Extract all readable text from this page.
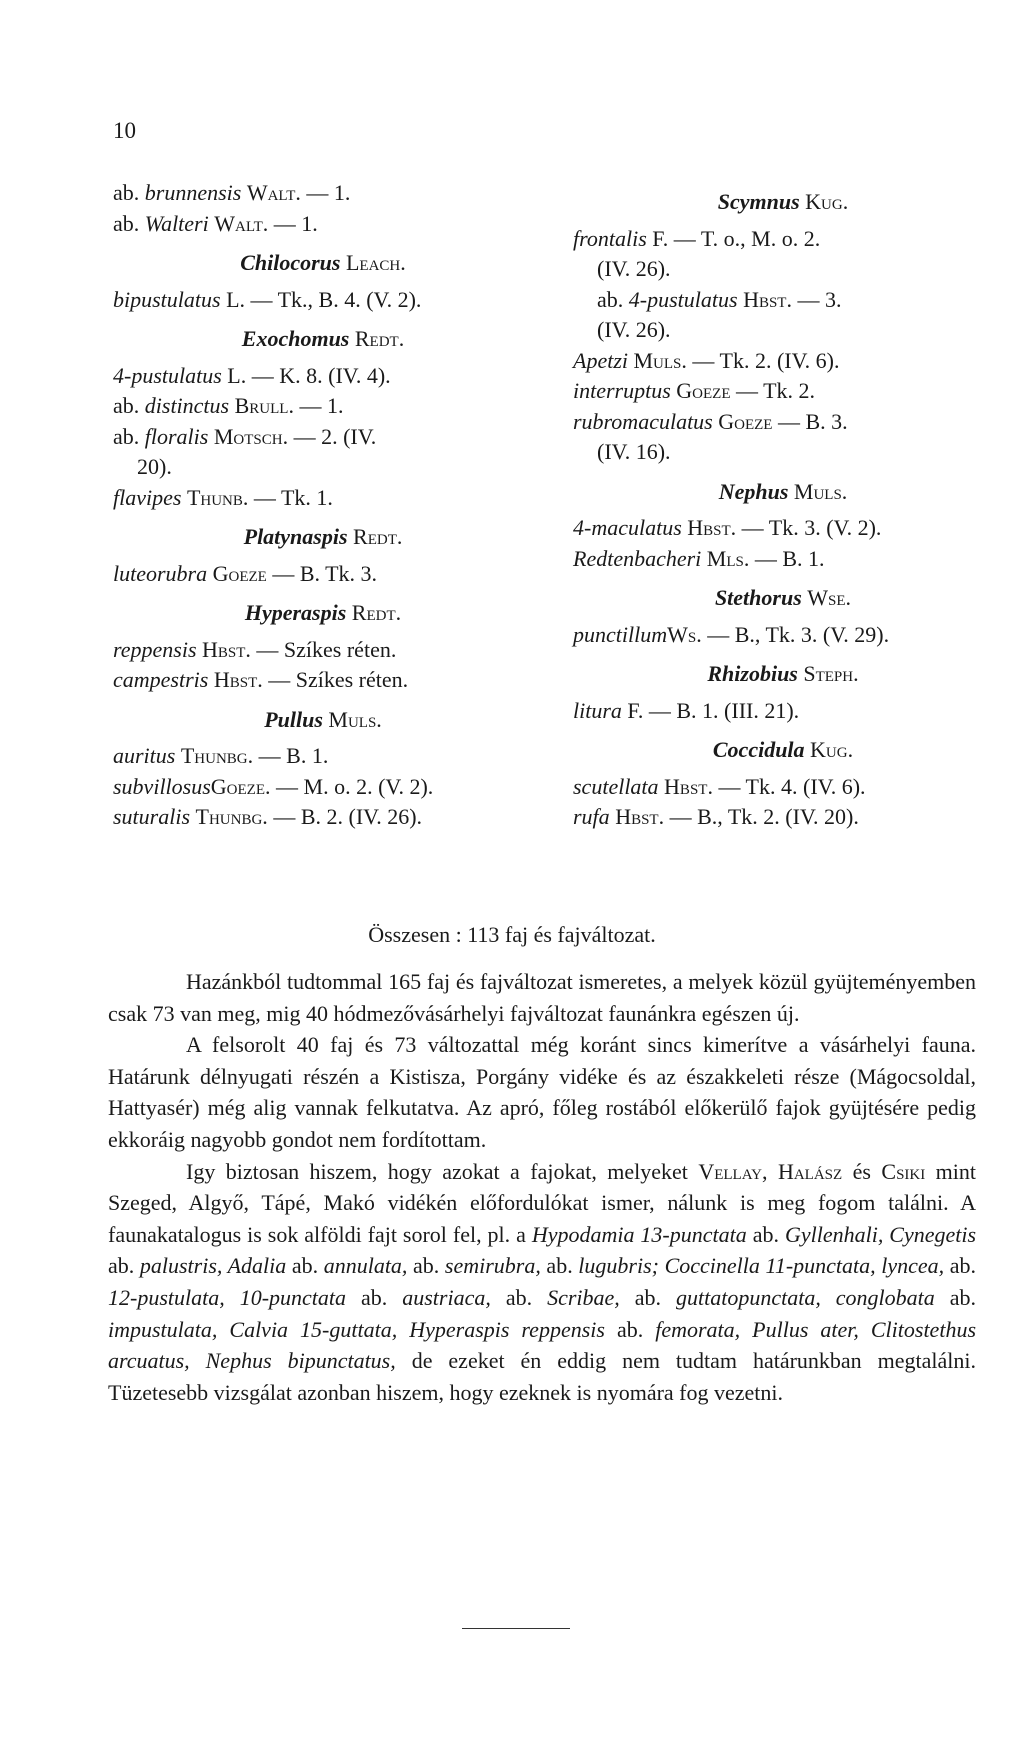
10
ab. brunnensis Walt. — 1.
ab. Walteri Walt. — 1.
Chilocorus Leach.
bipustulatus L. — Tk., B. 4. (V. 2).
Exochomus Redt.
4-pustulatus L. — K. 8. (IV. 4).
ab. distinctus Brull. — 1.
ab. floralis Motsch. — 2. (IV.
20).
flavipes Thunb. — Tk. 1.
Platynaspis Redt.
luteorubra Goeze — B. Tk. 3.
Hyperaspis Redt.
reppensis Hbst. — Szíkes réten.
campestris Hbst. — Szíkes réten.
Pullus Muls.
auritus Thunbg. — B. 1.
subvillosusGoeze. — M. o. 2. (V. 2).
suturalis Thunbg. — B. 2. (IV. 26).
Scymnus Kug.
frontalis F. — T. o., M. o. 2.
(IV. 26).
ab. 4-pustulatus Hbst. — 3.
(IV. 26).
Apetzi Muls. — Tk. 2. (IV. 6).
interruptus Goeze — Tk. 2.
rubromaculatus Goeze — B. 3.
(IV. 16).
Nephus Muls.
4-maculatus Hbst. — Tk. 3. (V. 2).
Redtenbacheri Mls. — B. 1.
Stethorus Wse.
punctillumWs. — B., Tk. 3. (V. 29).
Rhizobius Steph.
litura F. — B. 1. (III. 21).
Coccidula Kug.
scutellata Hbst. — Tk. 4. (IV. 6).
rufa Hbst. — B., Tk. 2. (IV. 20).
Összesen : 113 faj és fajváltozat.

Hazánkból tudtommal 165 faj és fajváltozat ismeretes, a melyek közül gyüjteményemben csak 73 van meg, mig 40 hódmezővásárhelyi fajváltozat faunánkra egészen új.

A felsorolt 40 faj és 73 változattal még koránt sincs kimerítve a vásárhelyi fauna. Határunk délnyugati részén a Kistisza, Porgány vidéke és az északkeleti része (Mágocsoldal, Hattyasér) még alig vannak felkutatva. Az apró, főleg rostából előkerülő fajok gyüjtésére pedig ekkoráig nagyobb gondot nem fordítottam.

Igy biztosan hiszem, hogy azokat a fajokat, melyeket Vellay, Halász és Csiki mint Szeged, Algyő, Tápé, Makó vidékén előfordulókat ismer, nálunk is meg fogom találni. A faunakatalogus is sok alföldi fajt sorol fel, pl. a Hypodamia 13-punctata ab. Gyllenhali, Cynegetis ab. palustris, Adalia ab. annulata, ab. semirubra, ab. lugubris; Coccinella 11-punctata, lyncea, ab. 12-pustulata, 10-punctata ab. austriaca, ab. Scribae, ab. guttatopunctata, conglobata ab. impustulata, Calvia 15-guttata, Hyperaspis reppensis ab. femorata, Pullus ater, Clitostethus arcuatus, Nephus bipunctatus, de ezeket én eddig nem tudtam határunkban megtalálni. Tüzetesebb vizsgálat azonban hiszem, hogy ezeknek is nyomára fog vezetni.
